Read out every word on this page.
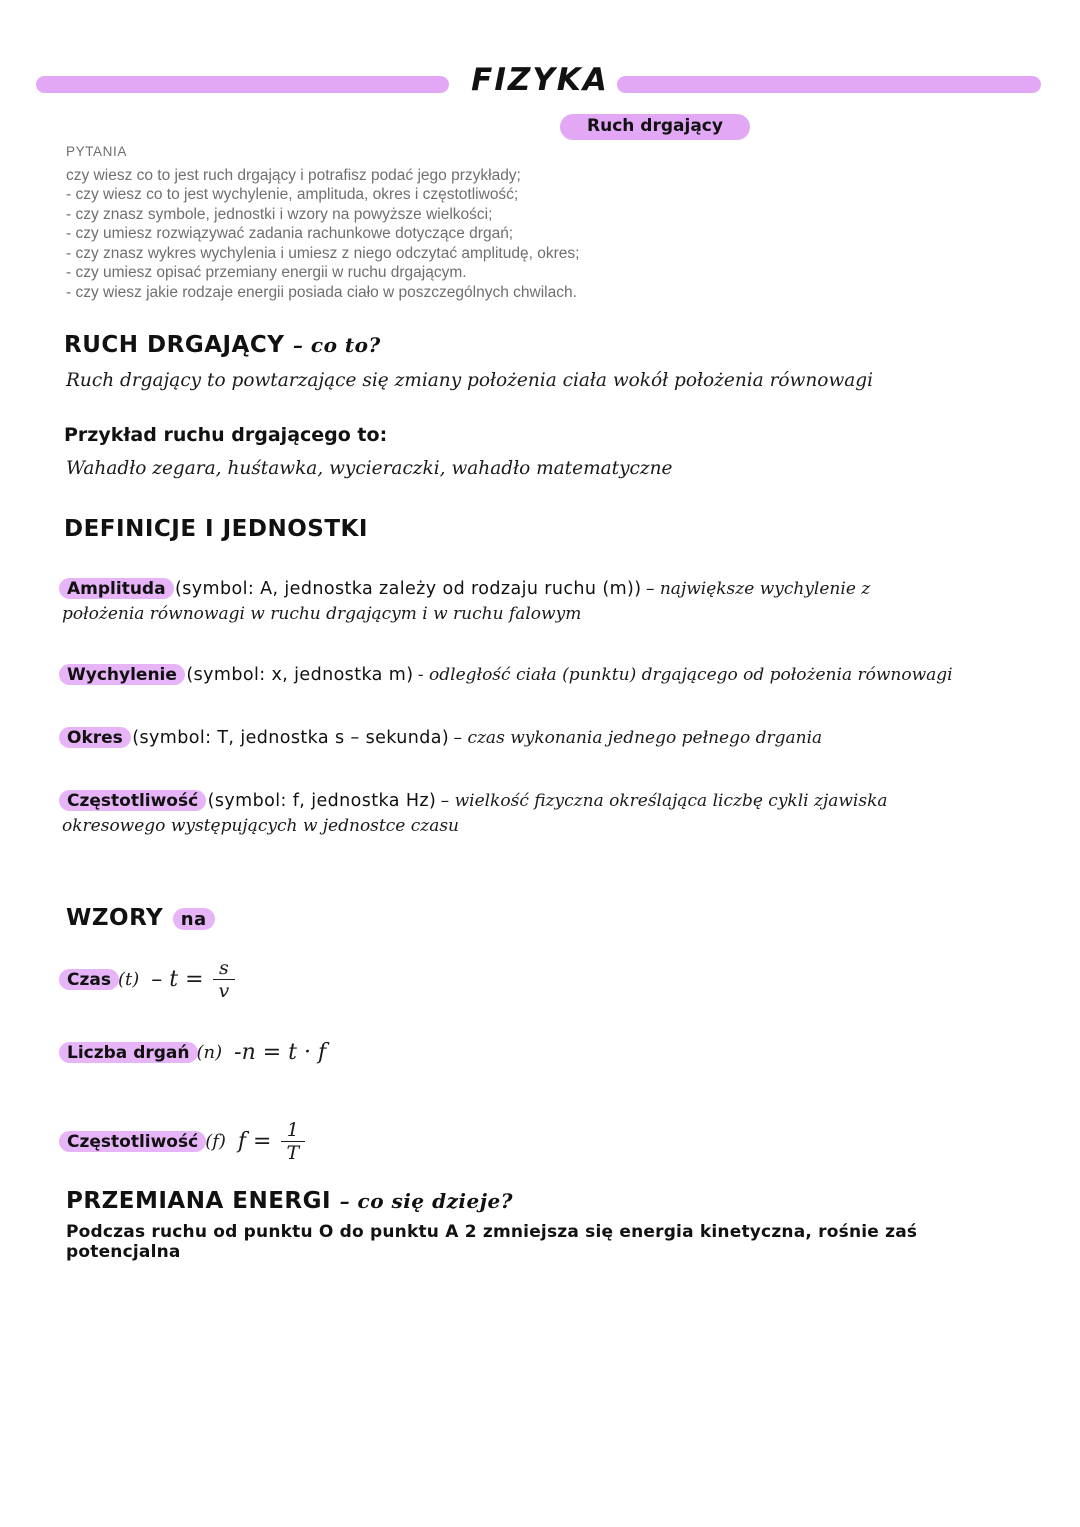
FIZYKA
Ruch drgający
PYTANIA
czy wiesz co to jest ruch drgający i potrafisz podać jego przykłady;
- czy wiesz co to jest wychylenie, amplituda, okres i częstotliwość;
- czy znasz symbole, jednostki i wzory na powyższe wielkości;
- czy umiesz rozwiązywać zadania rachunkowe dotyczące drgań;
- czy znasz wykres wychylenia i umiesz z niego odczytać amplitudę, okres;
- czy umiesz opisać przemiany energii w ruchu drgającym.
- czy wiesz jakie rodzaje energii posiada ciało w poszczególnych chwilach.
RUCH DRGAJĄCY – co to?
Ruch drgający to powtarzające się zmiany położenia ciała wokół położenia równowagi
Przykład ruchu drgającego to:
Wahadło zegara, huśtawka, wycieraczki, wahadło matematyczne
DEFINICJE I JEDNOSTKI
Amplituda (symbol: A, jednostka zależy od rodzaju ruchu (m)) – największe wychylenie z
położenia równowagi w ruchu drgającym i w ruchu falowym
Wychylenie (symbol: x, jednostka m) - odległość ciała (punktu) drgającego od położenia równowagi
Okres (symbol: T, jednostka s – sekunda) – czas wykonania jednego pełnego drgania
Częstotliwość (symbol: f, jednostka Hz) – wielkość fizyczna określająca liczbę cykli zjawiska
okresowego występujących w jednostce czasu
WZORY na
Czas $(t) - t = \frac{s}{v}$
Liczba drgań (n) -n = t · f
Częstotliwość (f) $f = \frac{1}{T}$
PRZEMIANA ENERGI – co się dzieje?
Podczas ruchu od punktu O do punktu A 2 zmniejsza się energia kinetyczna, rośnie zaś potencjalna
